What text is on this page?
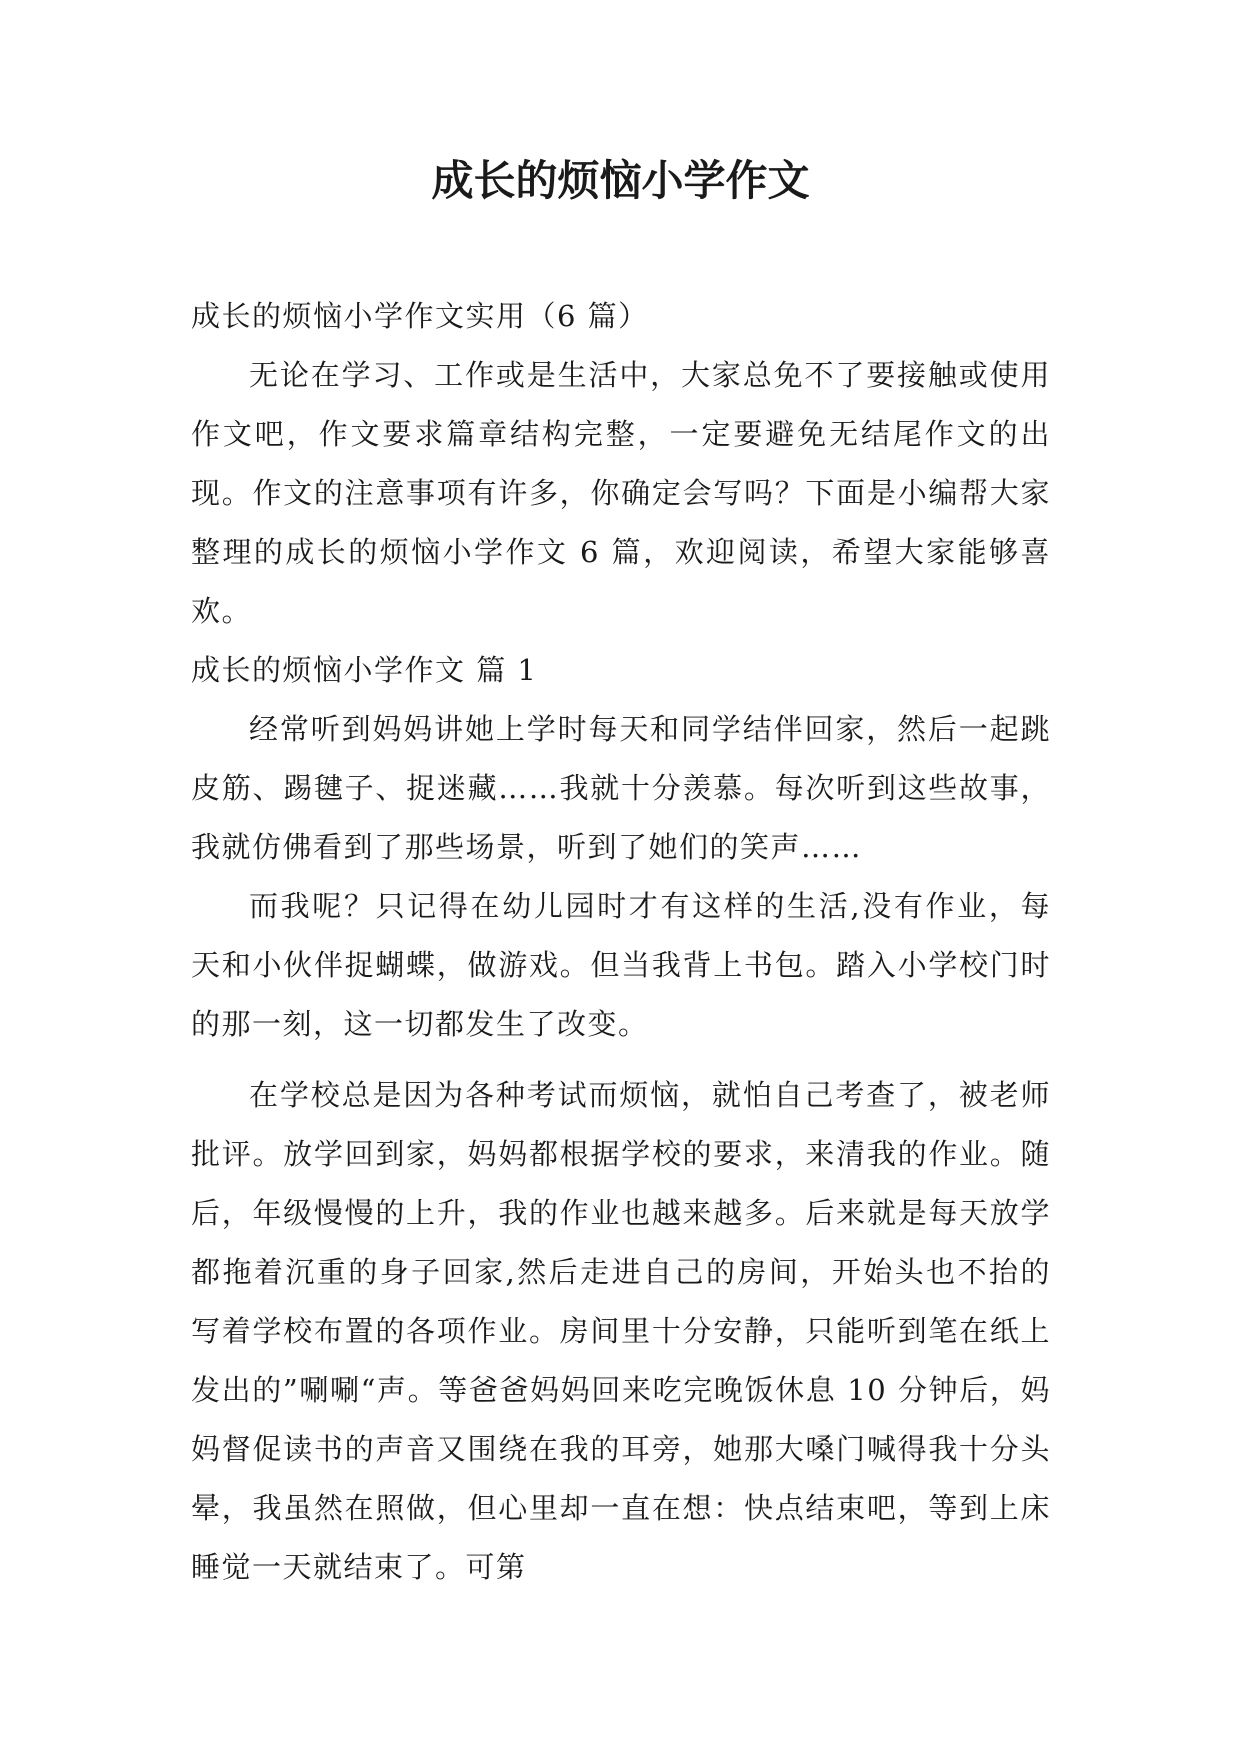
成长的烦恼小学作文

成长的烦恼小学作文实用（6 篇）

无论在学习、工作或是生活中，大家总免不了要接触或使用作文吧，作文要求篇章结构完整，一定要避免无结尾作文的出现。作文的注意事项有许多，你确定会写吗？下面是小编帮大家整理的成长的烦恼小学作文 6 篇，欢迎阅读，希望大家能够喜欢。

成长的烦恼小学作文 篇 1

经常听到妈妈讲她上学时每天和同学结伴回家，然后一起跳皮筋、踢毽子、捉迷藏……我就十分羡慕。每次听到这些故事，我就仿佛看到了那些场景，听到了她们的笑声……

而我呢？只记得在幼儿园时才有这样的生活,没有作业，每天和小伙伴捉蝴蝶，做游戏。但当我背上书包。踏入小学校门时的那一刻，这一切都发生了改变。

在学校总是因为各种考试而烦恼，就怕自己考查了，被老师批评。放学回到家，妈妈都根据学校的要求，来清我的作业。随后，年级慢慢的上升，我的作业也越来越多。后来就是每天放学都拖着沉重的身子回家,然后走进自己的房间，开始头也不抬的写着学校布置的各项作业。房间里十分安静，只能听到笔在纸上发出的”唰唰“声。等爸爸妈妈回来吃完晚饭休息 10 分钟后，妈妈督促读书的声音又围绕在我的耳旁，她那大嗓门喊得我十分头晕，我虽然在照做，但心里却一直在想：快点结束吧，等到上床睡觉一天就结束了。可第
